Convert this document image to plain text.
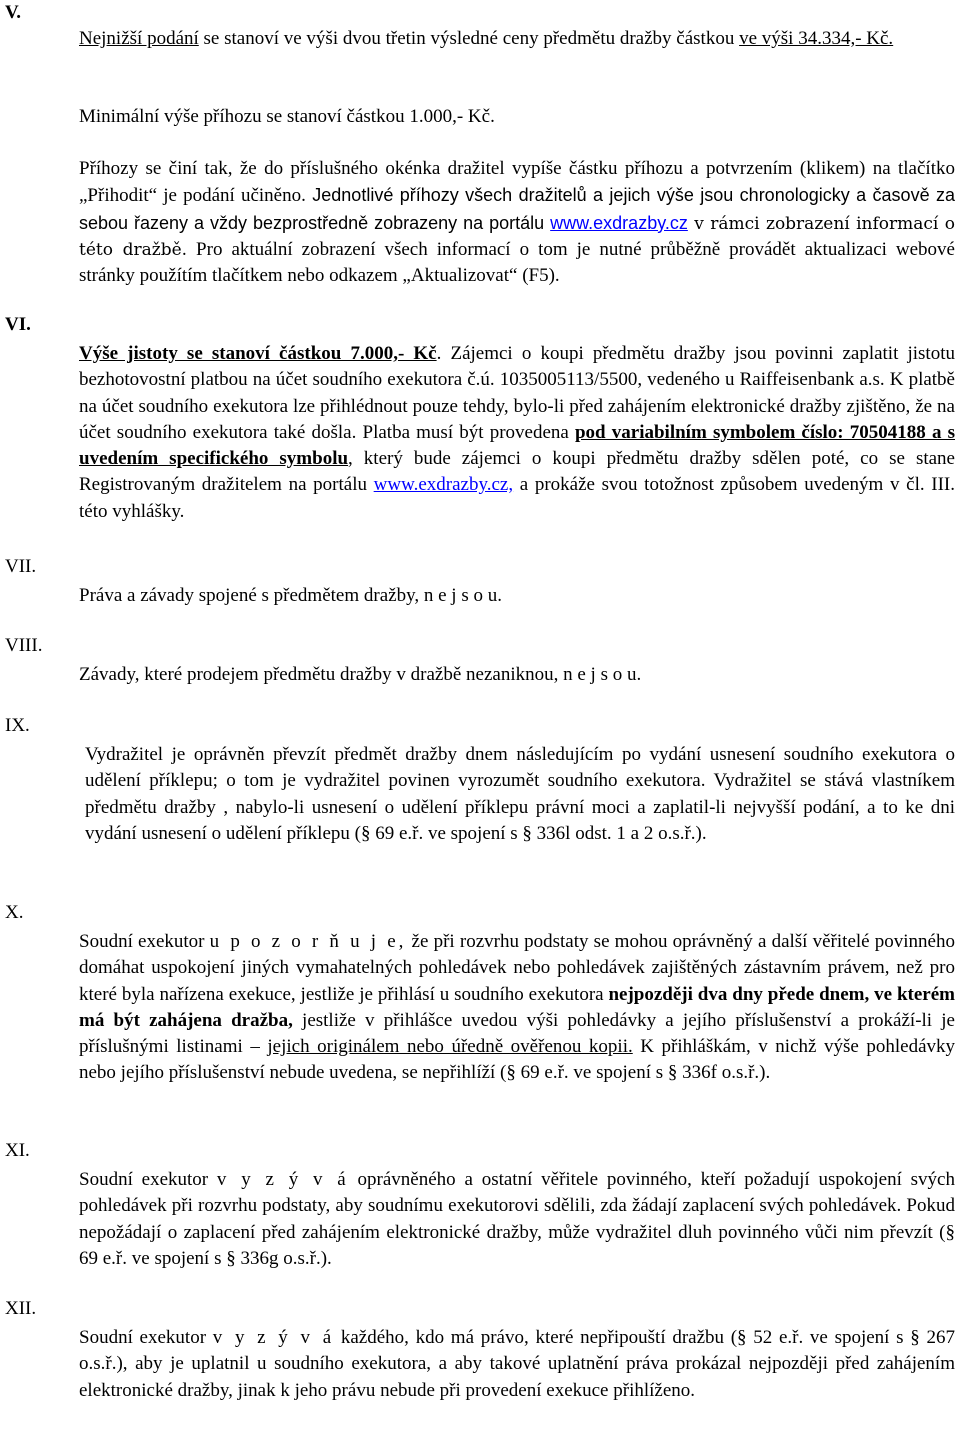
V.
Nejnižší podání se stanoví ve výši dvou třetin výsledné ceny předmětu dražby částkou ve výši 34.334,- Kč.
Minimální výše příhozu se stanoví částkou 1.000,- Kč.
Příhozy se činí tak, že do příslušného okénka dražitel vypíše částku příhozu a potvrzením (klikem) na tlačítko „Přihodit“ je podání učiněno. Jednotlivé příhozy všech dražitelů a jejich výše jsou chronologicky a časově za sebou řazeny a vždy bezprostředně zobrazeny na portálu www.exdrazby.cz v rámci zobrazení informací o této dražbě. Pro aktuální zobrazení všech informací o tom je nutné průběžně provádět aktualizaci webové stránky použítím tlačítkem nebo odkazem „Aktualizovat“ (F5).
VI.
Výše jistoty se stanoví částkou 7.000,- Kč. Zájemci o koupi předmětu dražby jsou povinni zaplatit jistotu bezhotovostní platbou na účet soudního exekutora č.ú. 1035005113/5500, vedeného u Raiffeisenbank a.s. K platbě na účet soudního exekutora lze přihlédnout pouze tehdy, bylo-li před zahájením elektronické dražby zjištěno, že na účet soudního exekutora také došla. Platba musí být provedena pod variabilním symbolem číslo: 70504188 a s uvedením specifického symbolu, který bude zájemci o koupi předmětu dražby sdělen poté, co se stane Registrovaným dražitelem na portálu www.exdrazby.cz, a prokáže svou totožnost způsobem uvedeným v čl. III. této vyhlášky.
VII.
Práva a závady spojené s předmětem dražby, n e j s o u.
VIII.
Závady, které prodejem předmětu dražby v dražbě nezaniknou, n e j s o u.
IX.
Vydražitel je oprávněn převzít předmět dražby dnem následujícím po vydání usnesení soudního exekutora o udělení příklepu; o tom je vydražitel povinen vyrozumět soudního exekutora. Vydražitel se stává vlastníkem předmětu dražby , nabylo-li usnesení o udělení příklepu právní moci a zaplatil-li nejvyšší podání, a to ke dni vydání usnesení o udělení příklepu (§ 69 e.ř. ve spojení s § 336l odst. 1 a 2 o.s.ř.).
X.
Soudní exekutor u p o z o r ň u j e, že při rozvrhu podstaty se mohou oprávněný a další věřitelé povinného domáhat uspokojení jiných vymahatelných pohledávek nebo pohledávek zajištěných zástavním právem, než pro které byla nařízena exekuce, jestliže je přihlásí u soudního exekutora nejpozději dva dny přede dnem, ve kterém má být zahájena dražba, jestliže v přihlášce uvedou výši pohledávky a jejího příslušenství a prokáží-li je příslušnými listinami – jejich originálem nebo úředně ověřenou kopii. K přihláškám, v nichž výše pohledávky nebo jejího příslušenství nebude uvedena, se nepřihlíží (§ 69 e.ř. ve spojení s § 336f o.s.ř.).
XI.
Soudní exekutor v y z ý v á oprávněného a ostatní věřitele povinného, kteří požadují uspokojení svých pohledávek při rozvrhu podstaty, aby soudnímu exekutorovi sdělili, zda žádají zaplacení svých pohledávek. Pokud nepožádají o zaplacení před zahájením elektronické dražby, může vydražitel dluh povinného vůči nim převzít (§ 69 e.ř. ve spojení s § 336g o.s.ř.).
XII.
Soudní exekutor v y z ý v á každého, kdo má právo, které nepřipouští dražbu (§ 52 e.ř. ve spojení s § 267 o.s.ř.), aby je uplatnil u soudního exekutora, a aby takové uplatnění práva prokázal nejpozději před zahájením elektronické dražby, jinak k jeho právu nebude při provedení exekuce přihlíženo.
